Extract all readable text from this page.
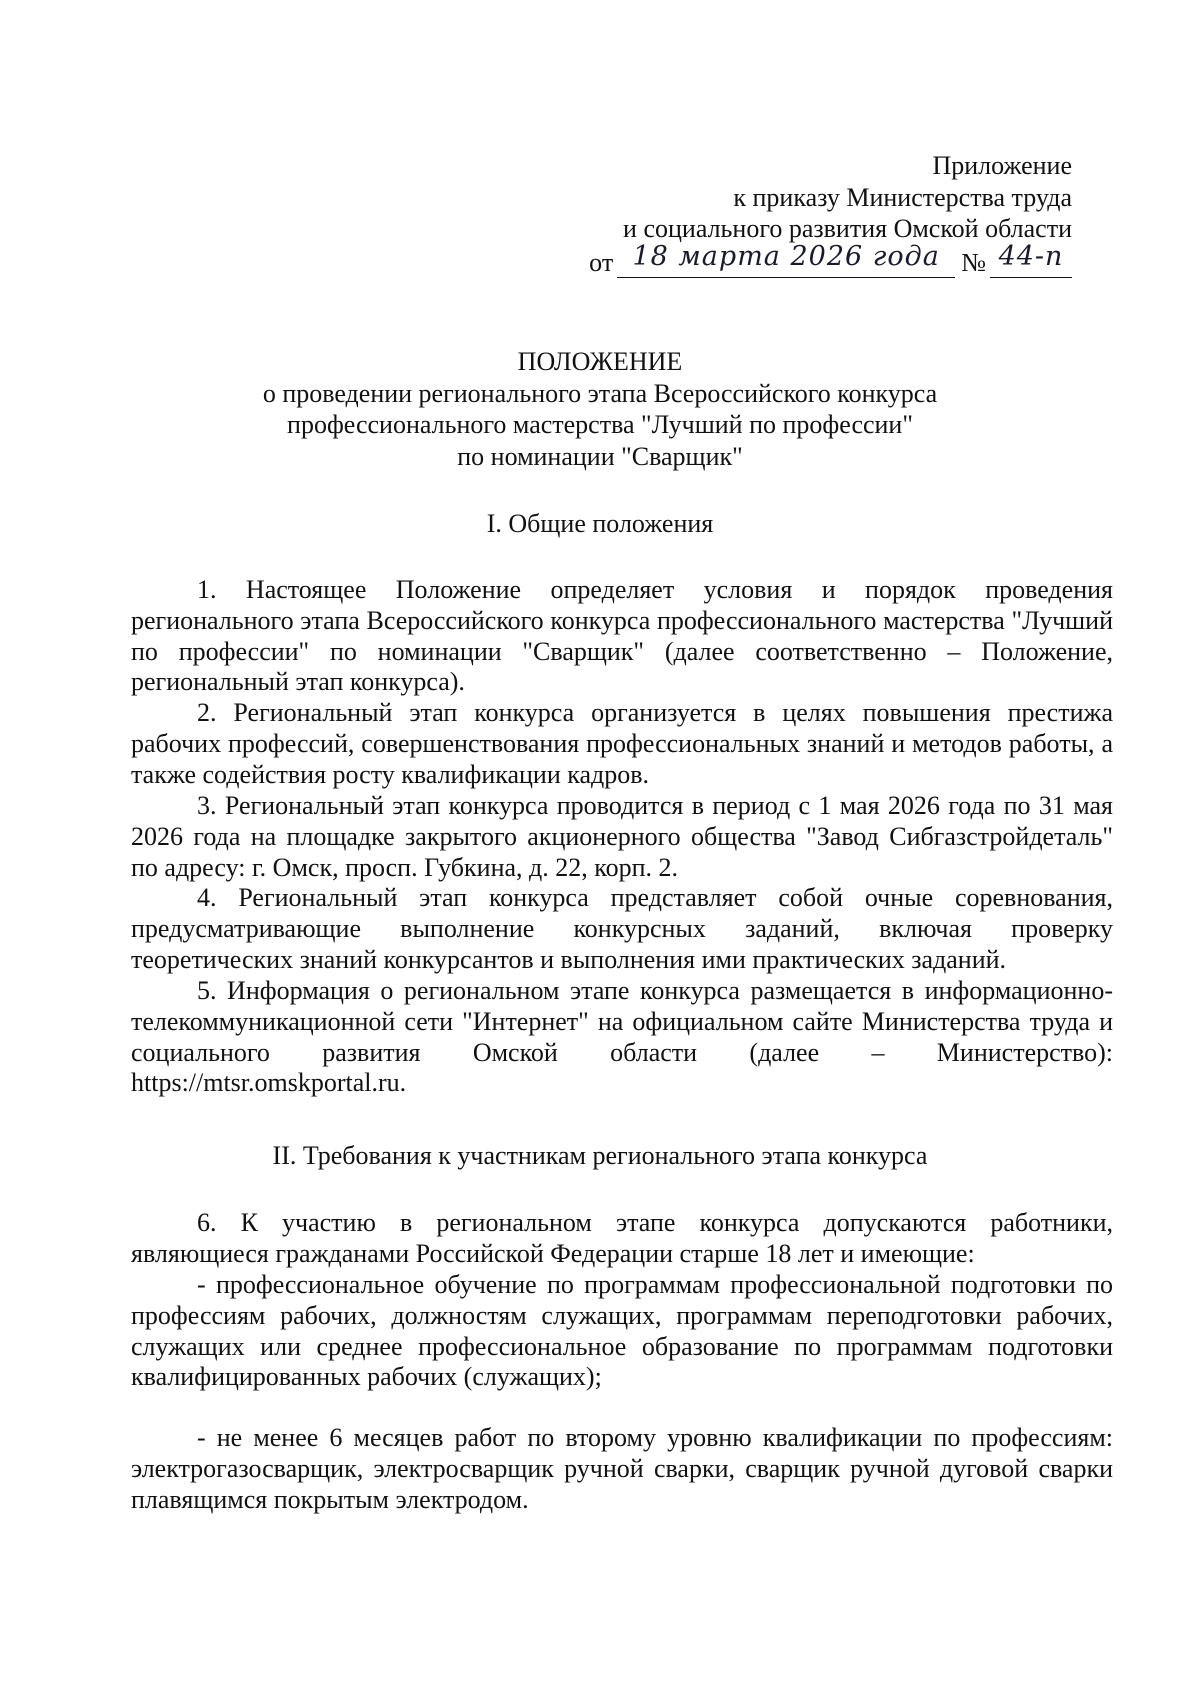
Приложение
к приказу Министерства труда
и социального развития Омской области
от 18 марта 2026 года № 44-п
ПОЛОЖЕНИЕ
о проведении регионального этапа Всероссийского конкурса
профессионального мастерства "Лучший по профессии"
по номинации "Сварщик"
I. Общие положения

1. Настоящее Положение определяет условия и порядок проведения регионального этапа Всероссийского конкурса профессионального мастерства "Лучший по профессии" по номинации "Сварщик" (далее соответственно – Положение, региональный этап конкурса).

2. Региональный этап конкурса организуется в целях повышения престижа рабочих профессий, совершенствования профессиональных знаний и методов работы, а также содействия росту квалификации кадров.

3. Региональный этап конкурса проводится в период с 1 мая 2026 года по 31 мая 2026 года на площадке закрытого акционерного общества "Завод Сибгазстройдеталь" по адресу: г. Омск, просп. Губкина, д. 22, корп. 2.

4. Региональный этап конкурса представляет собой очные соревнования, предусматривающие выполнение конкурсных заданий, включая проверку теоретических знаний конкурсантов и выполнения ими практических заданий.

5. Информация о региональном этапе конкурса размещается в информационно-телекоммуникационной сети "Интернет" на официальном сайте Министерства труда и социального развития Омской области (далее – Министерство): https://mtsr.omskportal.ru.

II. Требования к участникам регионального этапа конкурса

6. К участию в региональном этапе конкурса допускаются работники, являющиеся гражданами Российской Федерации старше 18 лет и имеющие:

- профессиональное обучение по программам профессиональной подготовки по профессиям рабочих, должностям служащих, программам переподготовки рабочих, служащих или среднее профессиональное образование по программам подготовки квалифицированных рабочих (служащих);

- не менее 6 месяцев работ по второму уровню квалификации по профессиям: электрогазосварщик, электросварщик ручной сварки, сварщик ручной дуговой сварки плавящимся покрытым электродом.
